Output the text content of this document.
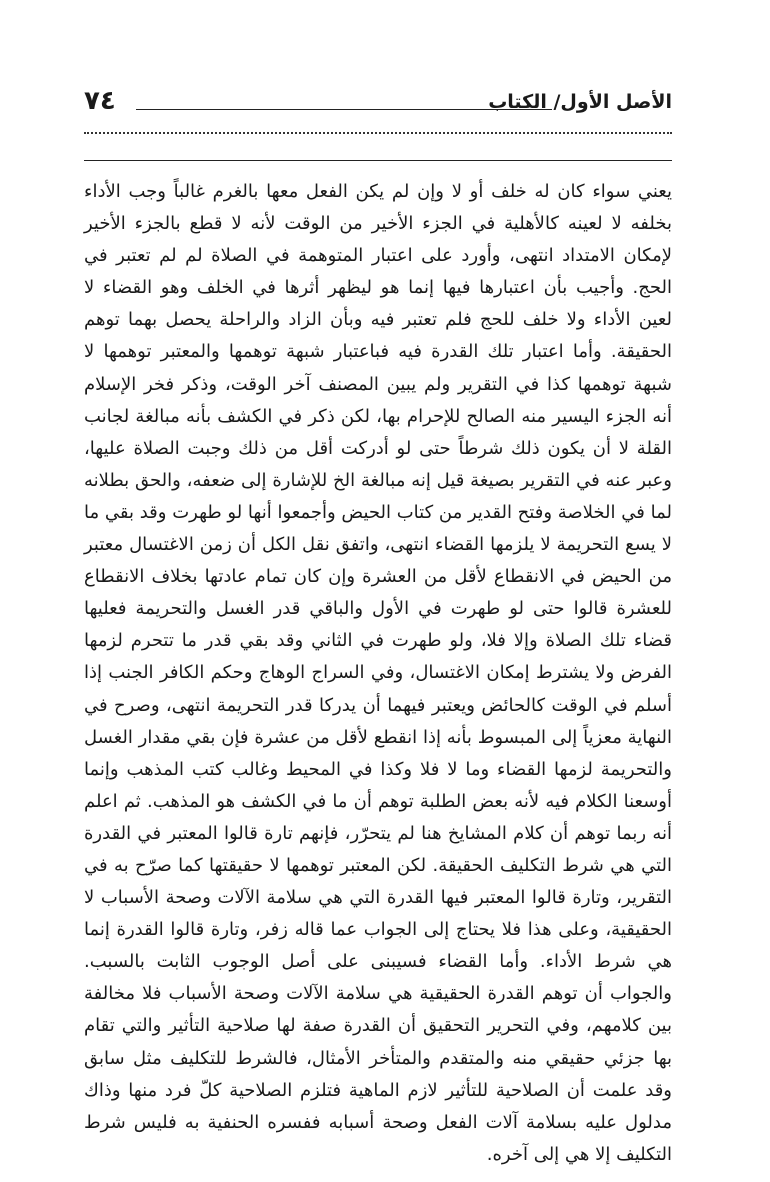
٧٤	الأصل الأول/ الكتاب

يعني سواء كان له خلف أو لا وإن لم يكن الفعل معها بالغرم غالباً وجب الأداء بخلفه لا لعينه كالأهلية في الجزء الأخير من الوقت لأنه لا قطع بالجزء الأخير لإمكان الامتداد انتهى، وأورد على اعتبار المتوهمة في الصلاة لم لم تعتبر في الحج. وأجيب بأن اعتبارها فيها إنما هو ليظهر أثرها في الخلف وهو القضاء لا لعين الأداء ولا خلف للحج فلم تعتبر فيه وبأن الزاد والراحلة يحصل بهما توهم الحقيقة. وأما اعتبار تلك القدرة فيه فباعتبار شبهة توهمها والمعتبر توهمها لا شبهة توهمها كذا في التقرير ولم يبين المصنف آخر الوقت، وذكر فخر الإسلام أنه الجزء اليسير منه الصالح للإحرام بها، لكن ذكر في الكشف بأنه مبالغة لجانب القلة لا أن يكون ذلك شرطاً حتى لو أدركت أقل من ذلك وجبت الصلاة عليها، وعبر عنه في التقرير بصيغة قيل إنه مبالغة الخ للإشارة إلى ضعفه، والحق بطلانه لما في الخلاصة وفتح القدير من كتاب الحيض وأجمعوا أنها لو طهرت وقد بقي ما لا يسع التحريمة لا يلزمها القضاء انتهى، واتفق نقل الكل أن زمن الاغتسال معتبر من الحيض في الانقطاع لأقل من العشرة وإن كان تمام عادتها بخلاف الانقطاع للعشرة قالوا حتى لو طهرت في الأول والباقي قدر الغسل والتحريمة فعليها قضاء تلك الصلاة وإلا فلا، ولو طهرت في الثاني وقد بقي قدر ما تتحرم لزمها الفرض ولا يشترط إمكان الاغتسال، وفي السراج الوهاج وحكم الكافر الجنب إذا أسلم في الوقت كالحائض ويعتبر فيهما أن يدركا قدر التحريمة انتهى، وصرح في النهاية معزياً إلى المبسوط بأنه إذا انقطع لأقل من عشرة فإن بقي مقدار الغسل والتحريمة لزمها القضاء وما لا فلا وكذا في المحيط وغالب كتب المذهب وإنما أوسعنا الكلام فيه لأنه بعض الطلبة توهم أن ما في الكشف هو المذهب. ثم اعلم أنه ربما توهم أن كلام المشايخ هنا لم يتحرّر، فإنهم تارة قالوا المعتبر في القدرة التي هي شرط التكليف الحقيقة. لكن المعتبر توهمها لا حقيقتها كما صرّح به في التقرير، وتارة قالوا المعتبر فيها القدرة التي هي سلامة الآلات وصحة الأسباب لا الحقيقية، وعلى هذا فلا يحتاج إلى الجواب عما قاله زفر، وتارة قالوا القدرة إنما هي شرط الأداء. وأما القضاء فسيبنى على أصل الوجوب الثابت بالسبب. والجواب أن توهم القدرة الحقيقية هي سلامة الآلات وصحة الأسباب فلا مخالفة بين كلامهم، وفي التحرير التحقيق أن القدرة صفة لها صلاحية التأثير والتي تقام بها جزئي حقيقي منه والمتقدم والمتأخر الأمثال، فالشرط للتكليف مثل سابق وقد علمت أن الصلاحية للتأثير لازم الماهية فتلزم الصلاحية كلّ فرد منها وذاك مدلول عليه بسلامة آلات الفعل وصحة أسبابه ففسره الحنفية به فليس شرط التكليف إلا هي إلى آخره.
